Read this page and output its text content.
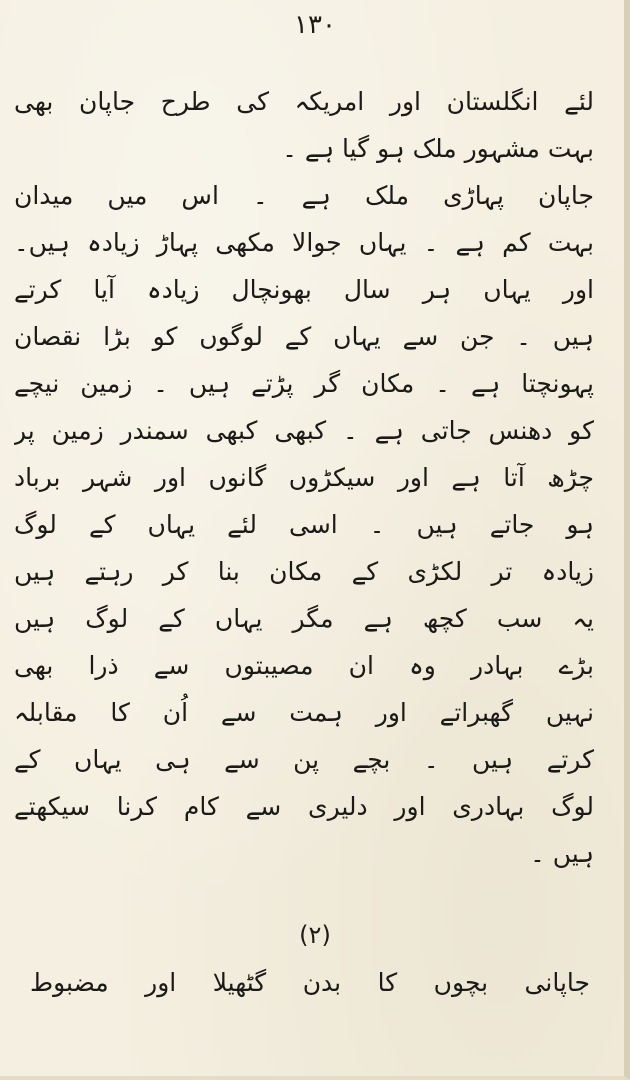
۱۳۰
لئے انگلستان اور امریکہ کی طرح جاپان بھی
بہت مشہور ملک ہو گیا ہے ۔
جاپان پہاڑی ملک ہے ۔ اس میں میدان
بہت کم ہے ۔ یہاں جوالا مکھی پہاڑ زیادہ ہیں۔
اور یہاں ہر سال بھونچال زیادہ آیا کرتے
ہیں ۔ جن سے یہاں کے لوگوں کو بڑا نقصان
پہونچتا ہے ۔ مکان گر پڑتے ہیں ۔ زمین نیچے
کو دھنس جاتی ہے ۔ کبھی کبھی سمندر زمین پر
چڑھ آتا ہے اور سیکڑوں گانوں اور شہر برباد
ہو جاتے ہیں ۔ اسی لئے یہاں کے لوگ
زیادہ تر لکڑی کے مکان بنا کر رہتے ہیں
یہ سب کچھ ہے مگر یہاں کے لوگ ہیں
بڑے بہادر وہ ان مصیبتوں سے ذرا بھی
نہیں گھبراتے اور ہمت سے اُن کا مقابلہ
کرتے ہیں ۔ بچے پن سے ہی یہاں کے
لوگ بہادری اور دلیری سے کام کرنا سیکھتے
ہیں ۔
(۲)
جاپانی بچوں کا بدن گٹھیلا اور مضبوط
